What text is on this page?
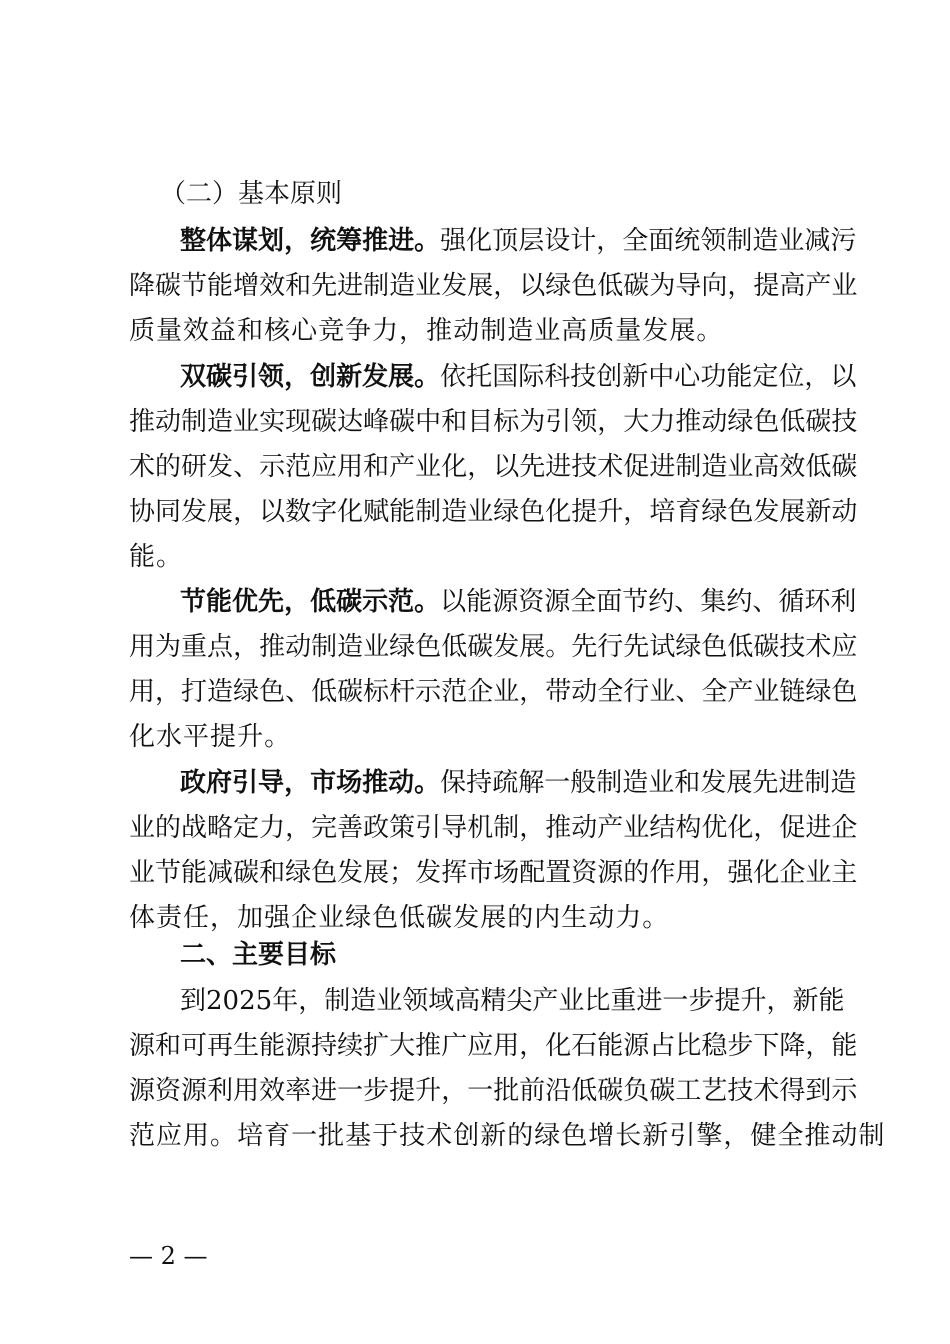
（二）基本原则
整 体 谋 划 ， 统 筹 推 进 。 强 化 顶 层 设 计 ， 全 面 统 领 制 造 业 减 污
降 碳 节 能 增 效 和 先 进 制 造 业 发 展 ， 以 绿 色 低 碳 为 导 向 ， 提 高 产 业
质 量 效 益 和 核 心 竞 争 力 ， 推 动 制 造 业 高 质 量 发 展 。
双 碳 引 领 ， 创 新 发 展 。 依 托 国 际 科 技 创 新 中 心 功 能 定 位 ， 以
推 动 制 造 业 实 现 碳 达 峰 碳 中 和 目 标 为 引 领 ， 大 力 推 动 绿 色 低 碳 技
术 的 研 发 、 示 范 应 用 和 产 业 化 ， 以 先 进 技 术 促 进 制 造 业 高 效 低 碳
协 同 发 展 ， 以 数 字 化 赋 能 制 造 业 绿 色 化 提 升 ， 培 育 绿 色 发 展 新 动
能 。
节 能 优 先 ， 低 碳 示 范 。 以 能 源 资 源 全 面 节 约 、 集 约 、 循 环 利
用 为 重 点 ， 推 动 制 造 业 绿 色 低 碳 发 展 。 先 行 先 试 绿 色 低 碳 技 术 应
用 ， 打 造 绿 色 、 低 碳 标 杆 示 范 企 业 ， 带 动 全 行 业 、 全 产 业 链 绿 色
化 水 平 提 升 。
政 府 引 导 ， 市 场 推 动 。 保 持 疏 解 一 般 制 造 业 和 发 展 先 进 制 造
业 的 战 略 定 力 ， 完 善 政 策 引 导 机 制 ， 推 动 产 业 结 构 优 化 ， 促 进 企
业 节 能 减 碳 和 绿 色 发 展 ； 发 挥 市 场 配 置 资 源 的 作 用 ， 强 化 企 业 主
体 责 任 ， 加 强 企 业 绿 色 低 碳 发 展 的 内 生 动 力 。
二、主要目标
到 2025 年 ， 制 造 业 领 域 高 精 尖 产 业 比 重 进 一 步 提 升 ， 新 能
源 和 可 再 生 能 源 持 续 扩 大 推 广 应 用 ， 化 石 能 源 占 比 稳 步 下 降 ， 能
源 资 源 利 用 效 率 进 一 步 提 升 ， 一 批 前 沿 低 碳 负 碳 工 艺 技 术 得 到 示
范 应 用 。 培 育 一 批 基 于 技 术 创 新 的 绿 色 增 长 新 引 擎 ， 健 全 推 动 制
— 2 —
